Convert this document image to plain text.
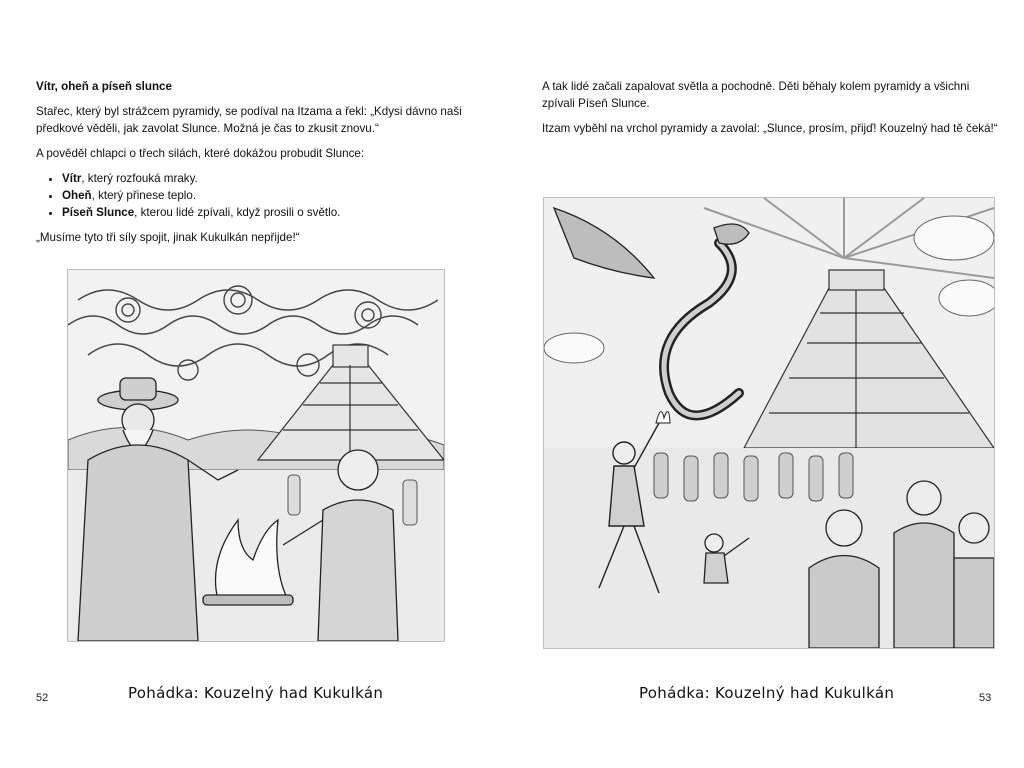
Vítr, oheň a píseň slunce

Stařec, který byl strážcem pyramidy, se podíval na Itzama a řekl: „Kdysi dávno naši předkové věděli, jak zavolat Slunce. Možná je čas to zkusit znovu.“

A pověděl chlapci o třech silách, které dokážou probudit Slunce:

• Vítr, který rozfouká mraky.
• Oheň, který přinese teplo.
• Píseň Slunce, kterou lidé zpívali, když prosili o světlo.

„Musíme tyto tři síly spojit, jinak Kukulkán nepřijde!“

Pohádka: Kouzelný had Kukulkán
52

A tak lidé začali zapalovat světla a pochodně. Děti běhaly kolem pyramidy a všichni zpívali Píseň Slunce.

Itzam vyběhl na vrchol pyramidy a zavolal: „Slunce, prosím, přijď! Kouzelný had tě čeká!“

Pohádka: Kouzelný had Kukulkán	53
